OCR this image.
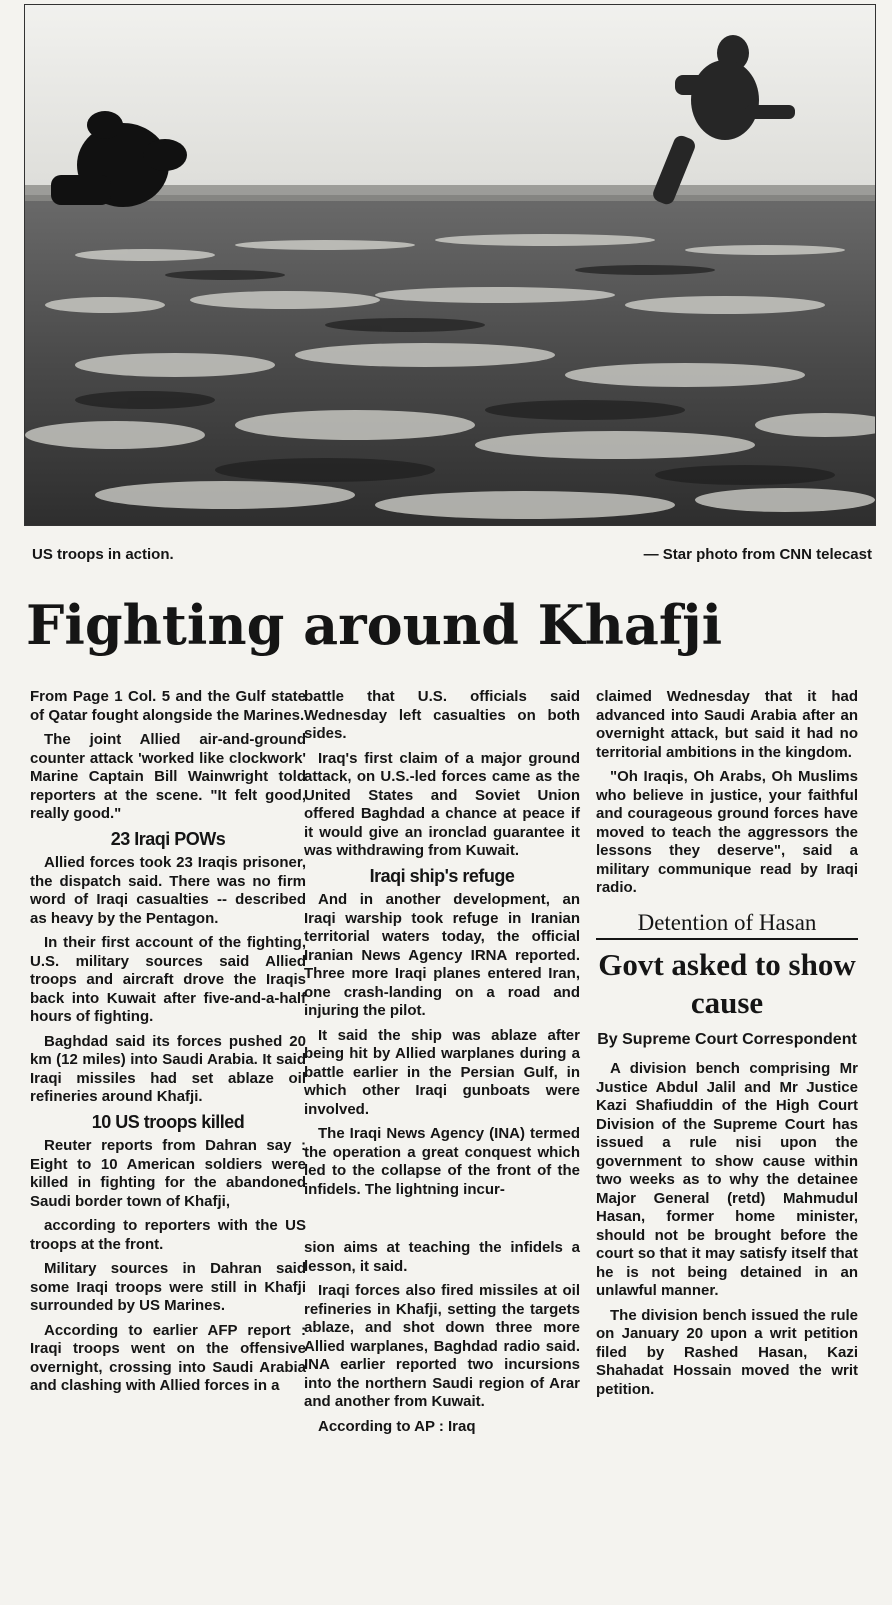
US troops in action.	— Star photo from CNN telecast
Fighting around Khafji

From Page 1 Col. 5 and the Gulf state of Qatar fought alongside the Marines.

The joint Allied air-and-ground counter attack 'worked like clockwork' Marine Captain Bill Wainwright told reporters at the scene. "It felt good, really good."

23 Iraqi POWs

Allied forces took 23 Iraqis prisoner, the dispatch said. There was no firm word of Iraqi casualties -- described as heavy by the Pentagon.

In their first account of the fighting, U.S. military sources said Allied troops and aircraft drove the Iraqis back into Kuwait after five-and-a-half hours of fighting.

Baghdad said its forces pushed 20 km (12 miles) into Saudi Arabia. It said Iraqi missiles had set ablaze oil refineries around Khafji.

10 US troops killed

Reuter reports from Dahran say : Eight to 10 American soldiers were killed in fighting for the abandoned Saudi border town of Khafji,

according to reporters with the US troops at the front.

Military sources in Dahran said some Iraqi troops were still in Khafji surrounded by US Marines.

According to earlier AFP report : Iraqi troops went on the offensive overnight, crossing into Saudi Arabia and clashing with Allied forces in a

battle that U.S. officials said Wednesday left casualties on both sides.

Iraq's first claim of a major ground attack, on U.S.-led forces came as the United States and Soviet Union offered Baghdad a chance at peace if it would give an ironclad guarantee it was withdrawing from Kuwait.

Iraqi ship's refuge

And in another development, an Iraqi warship took refuge in Iranian territorial waters today, the official Iranian News Agency IRNA reported. Three more Iraqi planes entered Iran, one crash-landing on a road and injuring the pilot.

It said the ship was ablaze after being hit by Allied warplanes during a battle earlier in the Persian Gulf, in which other Iraqi gunboats were involved.

The Iraqi News Agency (INA) termed the operation a great conquest which led to the collapse of the front of the infidels. The lightning incur-

sion aims at teaching the infidels a lesson, it said.

Iraqi forces also fired missiles at oil refineries in Khafji, setting the targets ablaze, and shot down three more Allied warplanes, Baghdad radio said. INA earlier reported two incursions into the northern Saudi region of Arar and another from Kuwait.

According to AP : Iraq

claimed Wednesday that it had advanced into Saudi Arabia after an overnight attack, but said it had no territorial ambitions in the kingdom.

"Oh Iraqis, Oh Arabs, Oh Muslims who believe in justice, your faithful and courageous ground forces have moved to teach the aggressors the lessons they deserve", said a military communique read by Iraqi radio.

Detention of Hasan
Govt asked to show cause
By Supreme Court Correspondent

A division bench comprising Mr Justice Abdul Jalil and Mr Justice Kazi Shafiuddin of the High Court Division of the Supreme Court has issued a rule nisi upon the government to show cause within two weeks as to why the detainee Major General (retd) Mahmudul Hasan, former home minister, should not be brought before the court so that it may satisfy itself that he is not being detained in an unlawful manner.

The division bench issued the rule on January 20 upon a writ petition filed by Rashed Hasan, Kazi Shahadat Hossain moved the writ petition.
